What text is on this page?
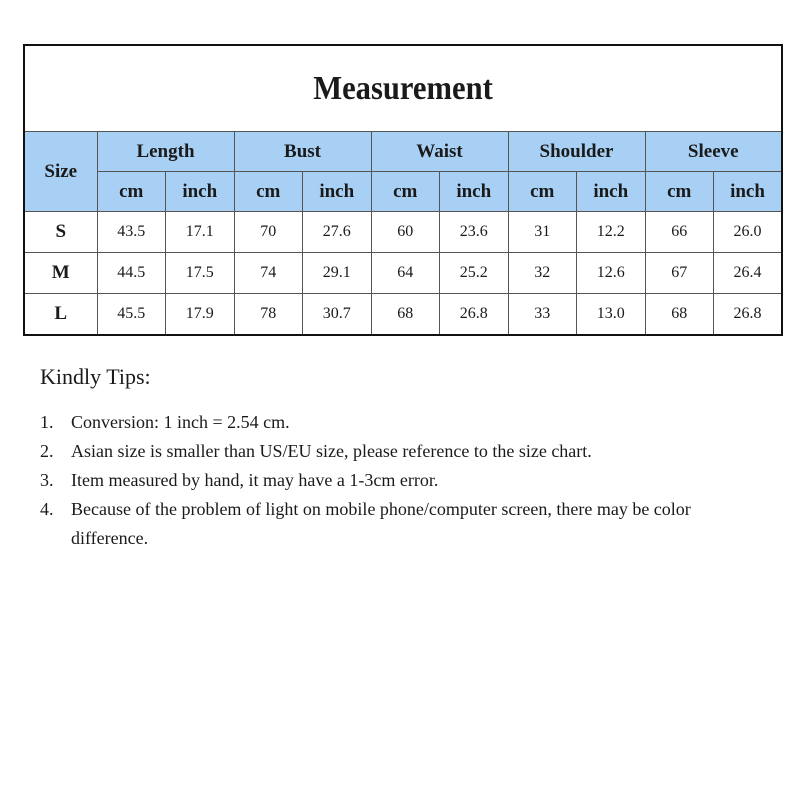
Measurement										

Size	Length		Bust		Waist		Shoulder		Sleeve	
	cm	inch	cm	inch	cm	inch	cm	inch	cm	inch
S	43.5	17.1	70	27.6	60	23.6	31	12.2	66	26.0
M	44.5	17.5	74	29.1	64	25.2	32	12.6	67	26.4
L	45.5	17.9	78	30.7	68	26.8	33	13.0	68	26.8
Kindly Tips:
1. Conversion: 1 inch = 2.54 cm.
2. Asian size is smaller than US/EU size, please reference to the size chart.
3. Item measured by hand, it may have a 1-3cm error.
4. Because of the problem of light on mobile phone/computer screen, there may be color difference.
